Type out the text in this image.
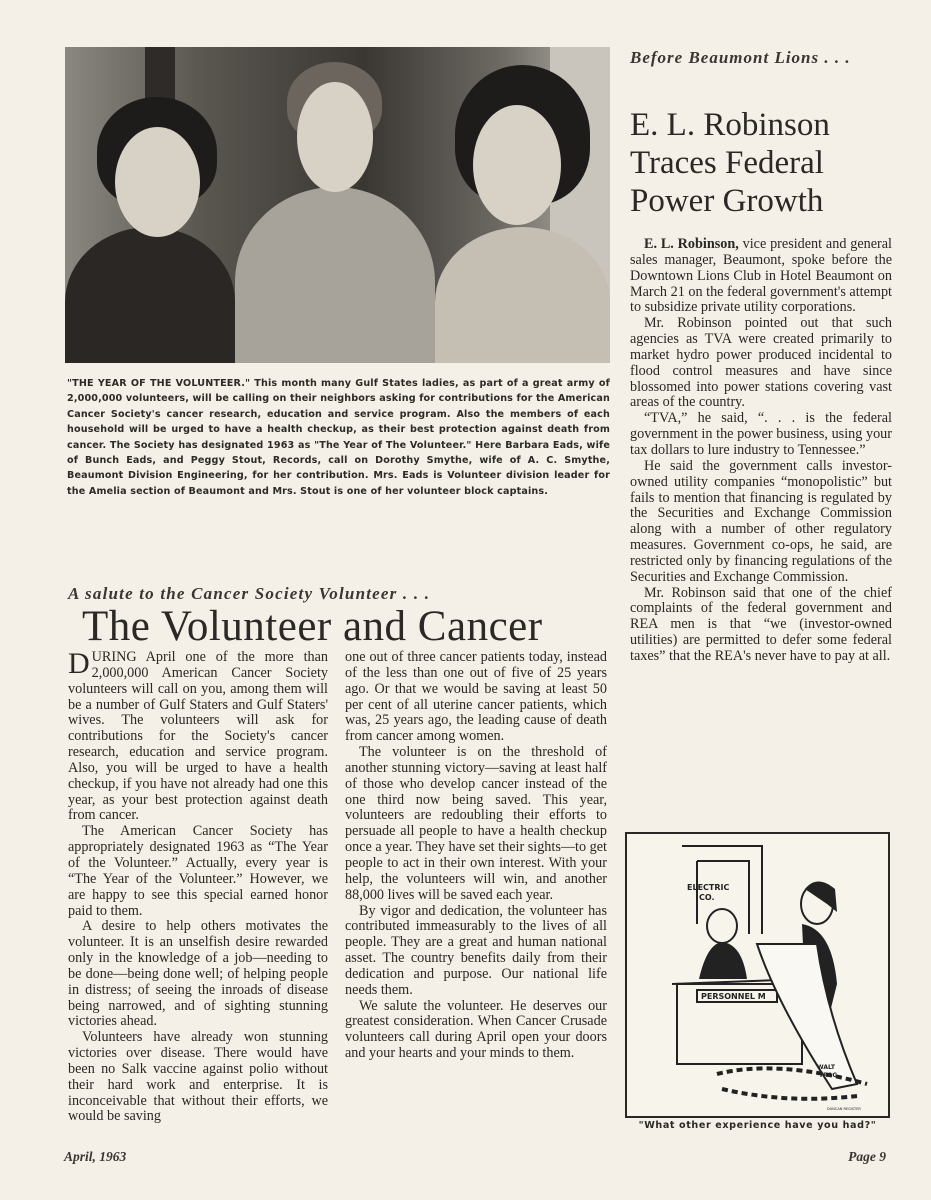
"THE YEAR OF THE VOLUNTEER." This month many Gulf States ladies, as part of a great army of 2,000,000 volunteers, will be calling on their neighbors asking for contributions for the American Cancer Society's cancer research, education and service program. Also the members of each household will be urged to have a health checkup, as their best protection against death from cancer. The Society has designated 1963 as "The Year of The Volunteer." Here Barbara Eads, wife of Bunch Eads, and Peggy Stout, Records, call on Dorothy Smythe, wife of A. C. Smythe, Beaumont Division Engineering, for her contribution. Mrs. Eads is Volunteer division leader for the Amelia section of Beaumont and Mrs. Stout is one of her volunteer block captains.
Before Beaumont Lions . . .
E. L. Robinson Traces Federal Power Growth

E. L. Robinson, vice president and general sales manager, Beaumont, spoke before the Downtown Lions Club in Hotel Beaumont on March 21 on the federal government's attempt to subsidize private utility corporations.

Mr. Robinson pointed out that such agencies as TVA were created primarily to market hydro power produced incidental to flood control measures and have since blossomed into power stations covering vast areas of the country.

“TVA,” he said, “. . . is the federal government in the power business, using your tax dollars to lure industry to Tennessee.”

He said the government calls investor-owned utility companies “monopolistic” but fails to mention that financing is regulated by the Securities and Exchange Commission along with a number of other regulatory measures. Government co-ops, he said, are restricted only by financing regulations of the Securities and Exchange Commission.

Mr. Robinson said that one of the chief complaints of the federal government and REA men is that “we (investor-owned utilities) are permitted to defer some federal taxes” that the REA's never have to pay at all.

A salute to the Cancer Society Volunteer . . .
The Volunteer and Cancer

DURING April one of the more than 2,000,000 American Cancer Society volunteers will call on you, among them will be a number of Gulf Staters and Gulf Staters' wives. The volunteers will ask for contributions for the Society's cancer research, education and service program. Also, you will be urged to have a health checkup, if you have not already had one this year, as your best protection against death from cancer.

The American Cancer Society has appropriately designated 1963 as “The Year of the Volunteer.” Actually, every year is “The Year of the Volunteer.” However, we are happy to see this special earned honor paid to them.

A desire to help others motivates the volunteer. It is an unselfish desire rewarded only in the knowledge of a job—needing to be done—being done well; of helping people in distress; of seeing the inroads of disease being narrowed, and of sighting stunning victories ahead.

Volunteers have already won stunning victories over disease. There would have been no Salk vaccine against polio without their hard work and enterprise. It is inconceivable that without their efforts, we would be saving

one out of three cancer patients today, instead of the less than one out of five of 25 years ago. Or that we would be saving at least 50 per cent of all uterine cancer patients, which was, 25 years ago, the leading cause of death from cancer among women.

The volunteer is on the threshold of another stunning victory—saving at least half of those who develop cancer instead of the one third now being saved. This year, volunteers are redoubling their efforts to persuade all people to have a health checkup once a year. They have set their sights—to get people to act in their own interest. With your help, the volunteers will win, and another 88,000 lives will be saved each year.

By vigor and dedication, the volunteer has contributed immeasurably to the lives of all people. They are a great and human national asset. The country benefits daily from their dedication and purpose. Our national life needs them.

We salute the volunteer. He deserves our greatest consideration. When Cancer Crusade volunteers call during April open your doors and your hearts and your minds to them.

ELECTRIC
CO.
PERSONNEL M
WALT
TRAG
DUNCAN REGISTER
"What other experience have you had?"
April, 1963	Page 9
